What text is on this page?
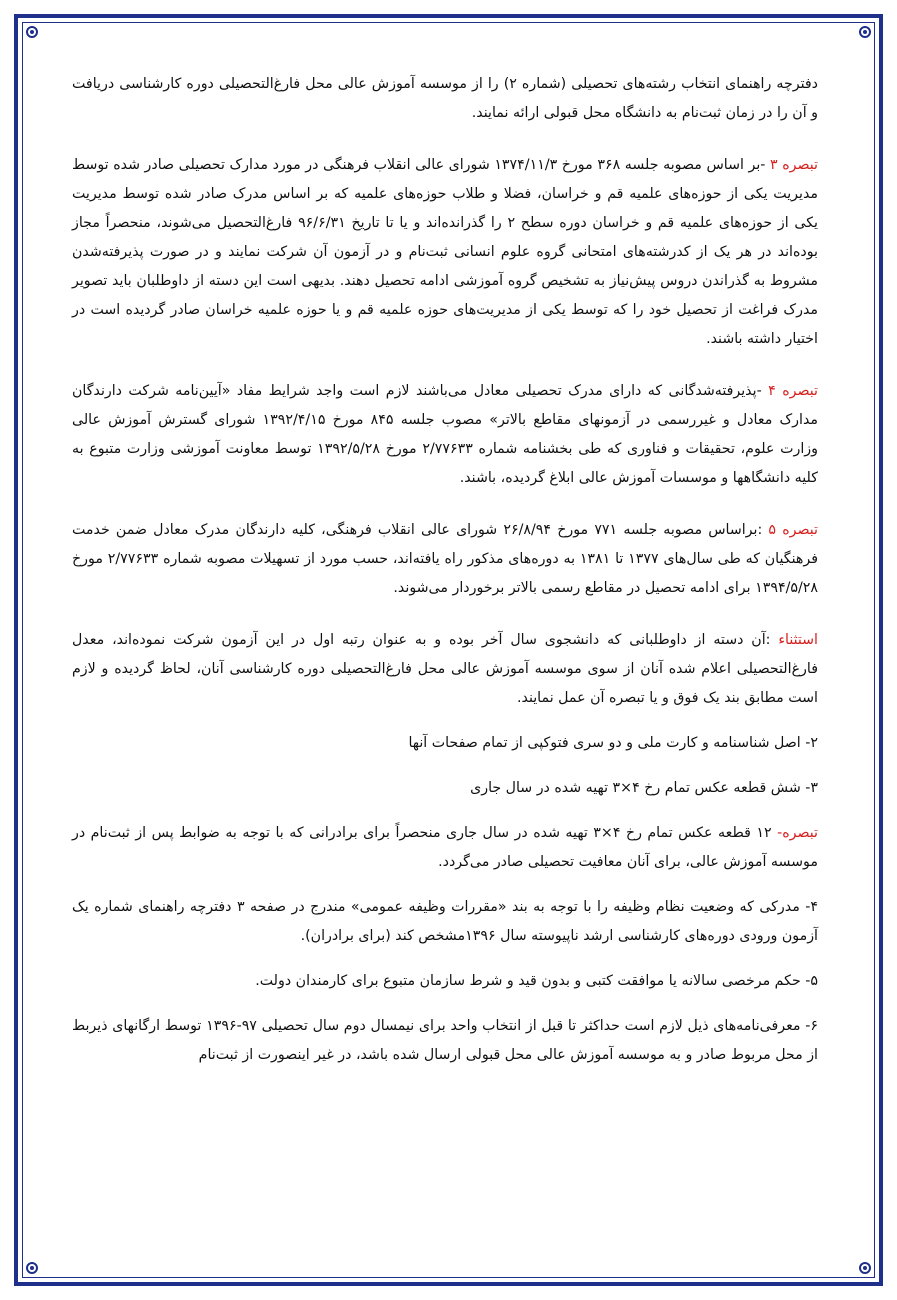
دفترچه راهنمای انتخاب رشته‌های تحصیلی (شماره ۲) را از موسسه آموزش عالی محل فارغ‌التحصیلی دوره کارشناسی دریافت و آن را در زمان ثبت‌نام به دانشگاه محل قبولی ارائه نمایند.

تبصره ۳ -بر اساس مصوبه جلسه ۳۶۸ مورخ ۱۳۷۴/۱۱/۳ شورای عالی انقلاب فرهنگی در مورد مدارک تحصیلی صادر شده توسط مدیریت یکی از حوزه‌های علمیه قم و خراسان، فضلا و طلاب حوزه‌های علمیه که بر اساس مدرک صادر شده توسط مدیریت یکی از حوزه‌های علمیه قم و خراسان دوره سطح ۲ را گذرانده‌اند و یا تا تاریخ ۹۶/۶/۳۱ فارغ‌التحصیل می‌شوند، منحصراً مجاز بوده‌اند در هر یک از کدرشته‌های امتحانی گروه علوم انسانی ثبت‌نام و در آزمون آن شرکت نمایند و در صورت پذیرفته‌شدن مشروط به گذراندن دروس پیش‌نیاز به تشخیص گروه آموزشی ادامه تحصیل دهند. بدیهی است این دسته از داوطلبان باید تصویر مدرک فراغت از تحصیل خود را که توسط یکی از مدیریت‌های حوزه علمیه قم و یا حوزه علمیه خراسان صادر گردیده است در اختیار داشته باشند.

تبصره ۴ -پذیرفته‌شدگانی که دارای مدرک تحصیلی معادل می‌باشند لازم است واجد شرایط مفاد «آیین‌نامه شرکت دارندگان مدارک معادل و غیررسمی در آزمونهای مقاطع بالاتر» مصوب جلسه ۸۴۵ مورخ ۱۳۹۲/۴/۱۵ شورای گسترش آموزش عالی وزارت علوم، تحقیقات و فناوری که طی بخشنامه شماره ۲/۷۷۶۳۳ مورخ ۱۳۹۲/۵/۲۸ توسط معاونت آموزشی وزارت متبوع به کلیه دانشگاهها و موسسات آموزش عالی ابلاغ گردیده، باشند.

تبصره ۵ :براساس مصوبه جلسه ۷۷۱ مورخ ۲۶/۸/۹۴ شورای عالی انقلاب فرهنگی، کلیه دارندگان مدرک معادل ضمن خدمت فرهنگیان که طی سال‌های ۱۳۷۷ تا ۱۳۸۱ به دوره‌های مذکور راه یافته‌اند، حسب مورد از تسهیلات مصوبه شماره ۲/۷۷۶۳۳ مورخ ۱۳۹۴/۵/۲۸ برای ادامه تحصیل در مقاطع رسمی بالاتر برخوردار می‌شوند.

استثناء :آن دسته از داوطلبانی که دانشجوی سال آخر بوده و به عنوان رتبه اول در این آزمون شرکت نموده‌اند، معدل فارغ‌التحصیلی اعلام شده آنان از سوی موسسه آموزش عالی محل فارغ‌التحصیلی دوره کارشناسی آنان، لحاظ گردیده و لازم است مطابق بند یک فوق و یا تبصره آن عمل نمایند.

۲- اصل شناسنامه و کارت ملی و دو سری فتوکپی از تمام صفحات آنها

۳- شش قطعه عکس تمام رخ ۴×۳ تهیه شده در سال جاری

تبصره- ۱۲ قطعه عکس تمام رخ ۴×۳ تهیه شده در سال جاری منحصراً برای برادرانی که با توجه به ضوابط پس از ثبت‌نام در موسسه آموزش عالی، برای آنان معافیت تحصیلی صادر می‌گردد.

۴- مدرکی که وضعیت نظام وظیفه را با توجه به بند «مقررات وظیفه عمومی» مندرج در صفحه ۳ دفترچه راهنمای شماره یک آزمون ورودی دوره‌های کارشناسی ارشد ناپیوسته سال ۱۳۹۶مشخص کند (برای برادران).

۵- حکم مرخصی سالانه یا موافقت کتبی و بدون قید و شرط سازمان متبوع برای کارمندان دولت.

۶- معرفی‌نامه‌های ذیل لازم است حداکثر تا قبل از انتخاب واحد برای نیمسال دوم سال تحصیلی ۹۷-۱۳۹۶ توسط ارگانهای ذیربط از محل مربوط صادر و به موسسه آموزش عالی محل قبولی ارسال شده باشد، در غیر اینصورت از ثبت‌نام
